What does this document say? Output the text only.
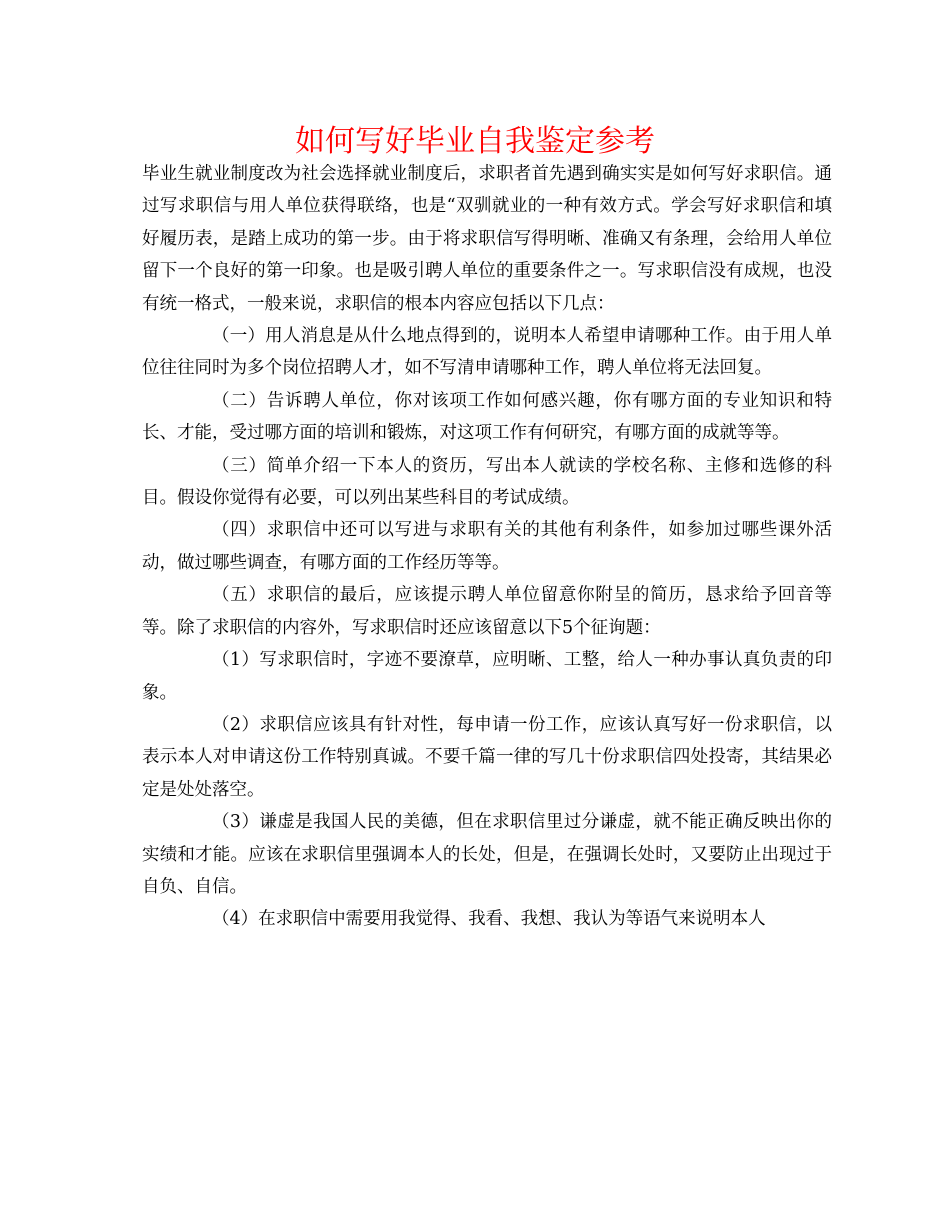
如何写好毕业自我鉴定参考

毕业生就业制度改为社会选择就业制度后，求职者首先遇到确实实是如何写好求职信。通过写求职信与用人单位获得联络，也是“双驯就业的一种有效方式。学会写好求职信和填好履历表，是踏上成功的第一步。由于将求职信写得明晰、准确又有条理，会给用人单位留下一个良好的第一印象。也是吸引聘人单位的重要条件之一。写求职信没有成规，也没有统一格式，一般来说，求职信的根本内容应包括以下几点：

（一）用人消息是从什么地点得到的，说明本人希望申请哪种工作。由于用人单位往往同时为多个岗位招聘人才，如不写清申请哪种工作，聘人单位将无法回复。

（二）告诉聘人单位，你对该项工作如何感兴趣，你有哪方面的专业知识和特长、才能，受过哪方面的培训和锻炼，对这项工作有何研究，有哪方面的成就等等。

（三）简单介绍一下本人的资历，写出本人就读的学校名称、主修和选修的科目。假设你觉得有必要，可以列出某些科目的考试成绩。

（四）求职信中还可以写进与求职有关的其他有利条件，如参加过哪些课外活动，做过哪些调查，有哪方面的工作经历等等。

（五）求职信的最后，应该提示聘人单位留意你附呈的简历，恳求给予回音等等。除了求职信的内容外，写求职信时还应该留意以下5个征询题：

（1）写求职信时，字迹不要潦草，应明晰、工整，给人一种办事认真负责的印象。

（2）求职信应该具有针对性，每申请一份工作，应该认真写好一份求职信，以表示本人对申请这份工作特别真诚。不要千篇一律的写几十份求职信四处投寄，其结果必定是处处落空。

（3）谦虚是我国人民的美德，但在求职信里过分谦虚，就不能正确反映出你的实绩和才能。应该在求职信里强调本人的长处，但是，在强调长处时，又要防止出现过于自负、自信。

（4）在求职信中需要用我觉得、我看、我想、我认为等语气来说明本人
